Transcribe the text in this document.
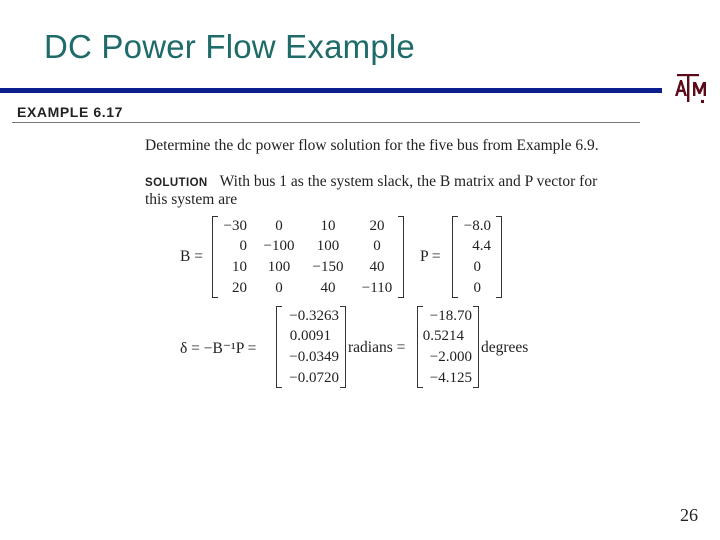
DC Power Flow Example
EXAMPLE 6.17
Determine the dc power flow solution for the five bus from Example 6.9.
SOLUTION With bus 1 as the system slack, the B matrix and P vector for
this system are
B =
−30 0	10 20
0 −100 100 0
10 100 −150 40
20 0	40 −110
P =
−8.0
4.4
0
0
δ = −B⁻¹P =
−0.3263
0.0091
−0.0349
−0.0720
radians =
−18.70
0.5214
−2.000
−4.125
degrees
26
